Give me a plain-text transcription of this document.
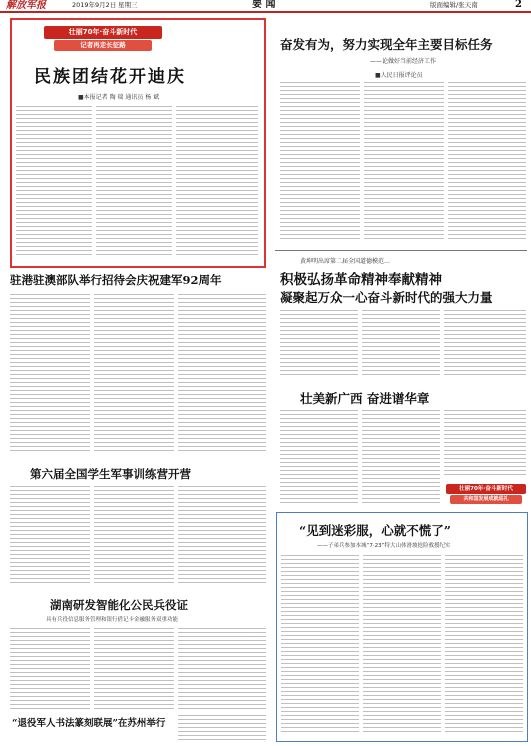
解放军报	2019年9月2日 星期三	要 闻	版面编辑/张天南	2
壮丽70年·奋斗新时代
记者再走长征路
民族团结花开迪庆
■本报记者 陶 瑞 通讯员 杨 斌
奋发有为，努力实现全年主要目标任务
——论做好当前经济工作
■人民日报评论员
黄坤明出席第二届全国道德模范…
积极弘扬革命精神奉献精神
凝聚起万众一心奋斗新时代的强大力量
驻港驻澳部队举行招待会庆祝建军92周年
壮美新广西 奋进谱华章
壮丽70年·奋斗新时代
共和国发展成就巡礼
第六届全国学生军事训练营开营
“见到迷彩服，心就不慌了”
——子弟兵参加本城“7·23”特大山体滑坡抢险救援纪实
湖南研发智能化公民兵役证
具有兵役信息服务管理和银行借记卡金融服务双重功能
“退役军人书法篆刻联展”在苏州举行
